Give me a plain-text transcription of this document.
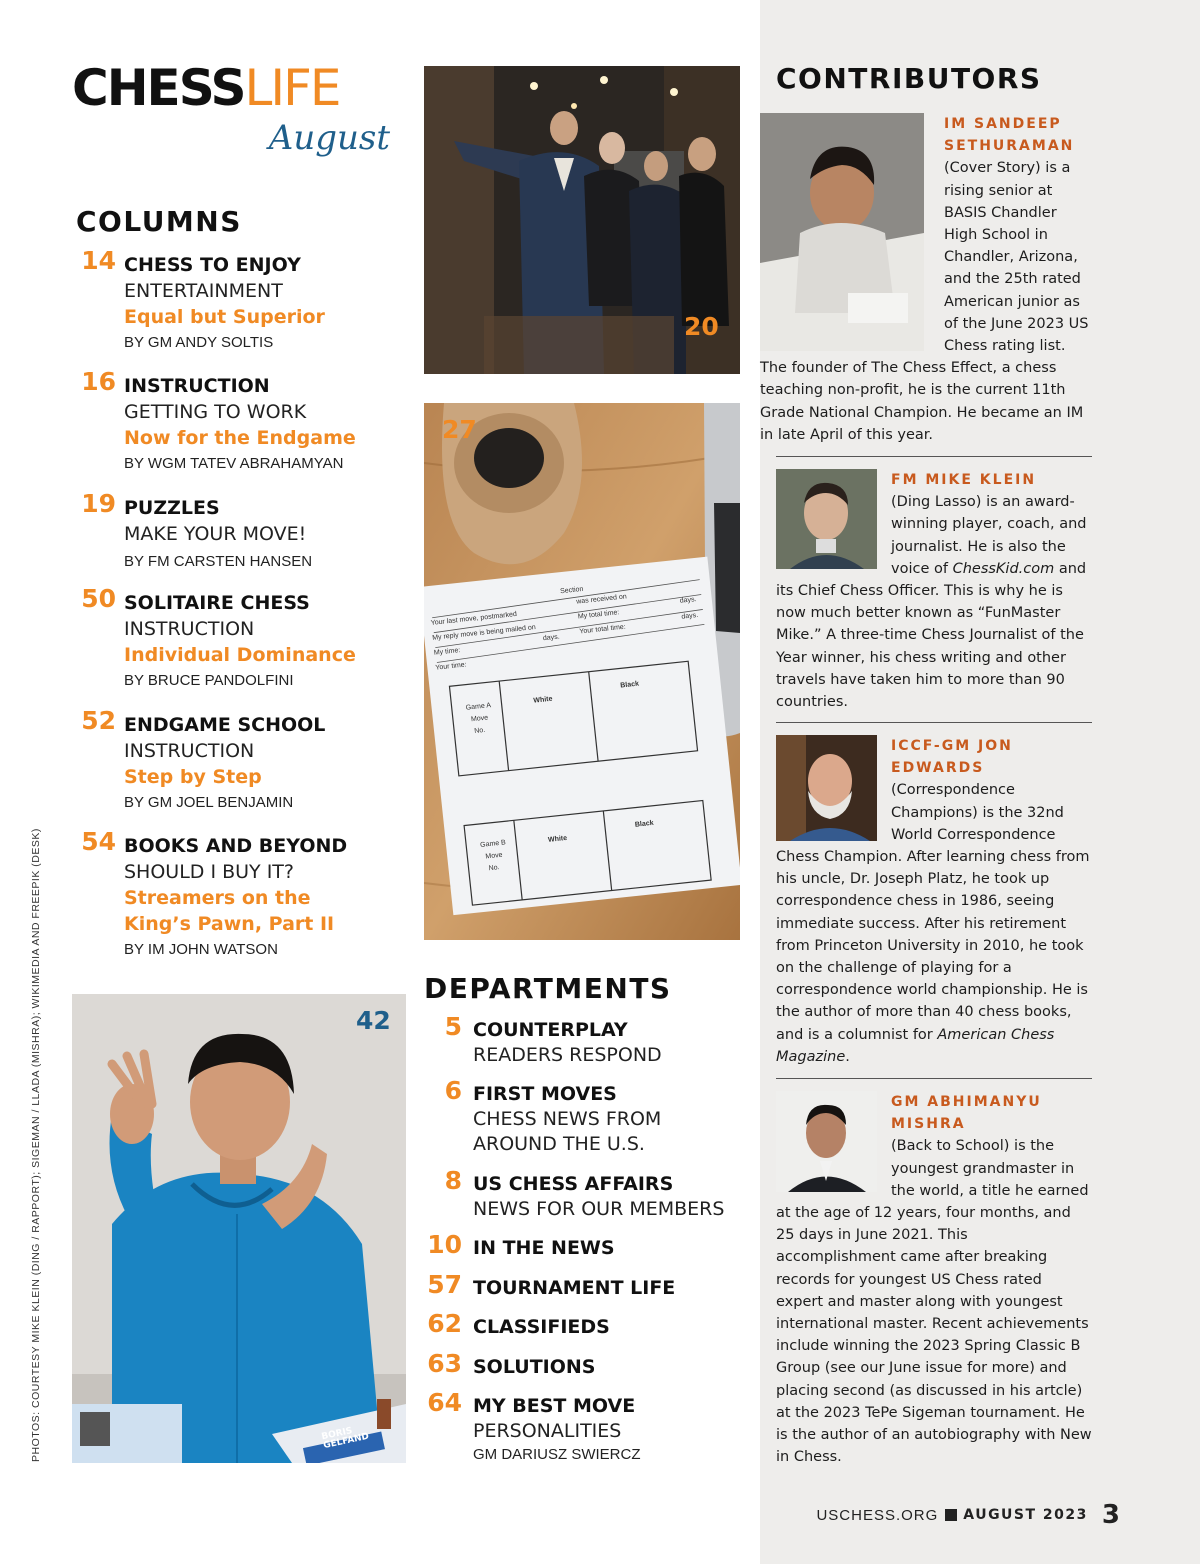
CHESSLIFE
August
COLUMNS
14 CHESS TO ENJOY
ENTERTAINMENT
Equal but Superior
BY GM ANDY SOLTIS
16 INSTRUCTION
GETTING TO WORK
Now for the Endgame
BY WGM TATEV ABRAHAMYAN
19 PUZZLES
MAKE YOUR MOVE!
BY FM CARSTEN HANSEN
50 SOLITAIRE CHESS
INSTRUCTION
Individual Dominance
BY BRUCE PANDOLFINI
52 ENDGAME SCHOOL
INSTRUCTION
Step by Step
BY GM JOEL BENJAMIN
54 BOOKS AND BEYOND
SHOULD I BUY IT?
Streamers on the King’s Pawn, Part II
BY IM JOHN WATSON
20
Section
Your last move, postmarked
was received on
My reply move is being mailed on
My total time:
days.
My time:
days.
Your total time:
Your time:
days.
Game A
Move
No.
White
Black
Game B
Move
No.
White
Black
27
BORIS GELFAND
42
PHOTOS: COURTESY MIKE KLEIN (DING / RAPPORT); SIGEMAN / LLADA (MISHRA); WIKIMEDIA AND FREEPIK (DESK)	DEPARTMENTS
5 COUNTERPLAY
READERS RESPOND
6 FIRST MOVES
CHESS NEWS FROM AROUND THE U.S.
8 US CHESS AFFAIRS
NEWS FOR OUR MEMBERS
10 IN THE NEWS
57 TOURNAMENT LIFE
62 CLASSIFIEDS
63 SOLUTIONS
64 MY BEST MOVE
PERSONALITIES
GM DARIUSZ SWIERCZ
CONTRIBUTORS
IM SANDEEP SETHURAMAN
(Cover Story) is a rising senior at BASIS Chandler High School in Chandler, Arizona, and the 25th rated American junior as of the June 2023 US Chess rating list. The founder of The Chess Effect, a chess teaching non-profit, he is the current 11th Grade National Champion. He became an IM in late April of this year.
FM MIKE KLEIN
(Ding Lasso) is an award-winning player, coach, and journalist. He is also the voice of ChessKid.com and its Chief Chess Officer. This is why he is now much better known as “FunMaster Mike.” A three-time Chess Journalist of the Year winner, his chess writing and other travels have taken him to more than 90 countries.
ICCF-GM JON EDWARDS
(Correspondence Champions) is the 32nd World Correspondence Chess Champion. After learning chess from his uncle, Dr. Joseph Platz, he took up correspondence chess in 1986, seeing immediate success. After his retirement from Princeton University in 2010, he took on the challenge of playing for a correspondence world championship. He is the author of more than 40 chess books, and is a columnist for American Chess Magazine.
GM ABHIMANYU MISHRA
(Back to School) is the youngest grandmaster in the world, a title he earned at the age of 12 years, four months, and 25 days in June 2021. This accomplishment came after breaking records for youngest US Chess rated expert and master along with youngest international master. Recent achievements include winning the 2023 Spring Classic B Group (see our June issue for more) and placing second (as discussed in his artcle) at the 2023 TePe Sigeman tournament. He is the author of an autobiography with New in Chess.
USCHESS.ORG AUGUST 2023 3
